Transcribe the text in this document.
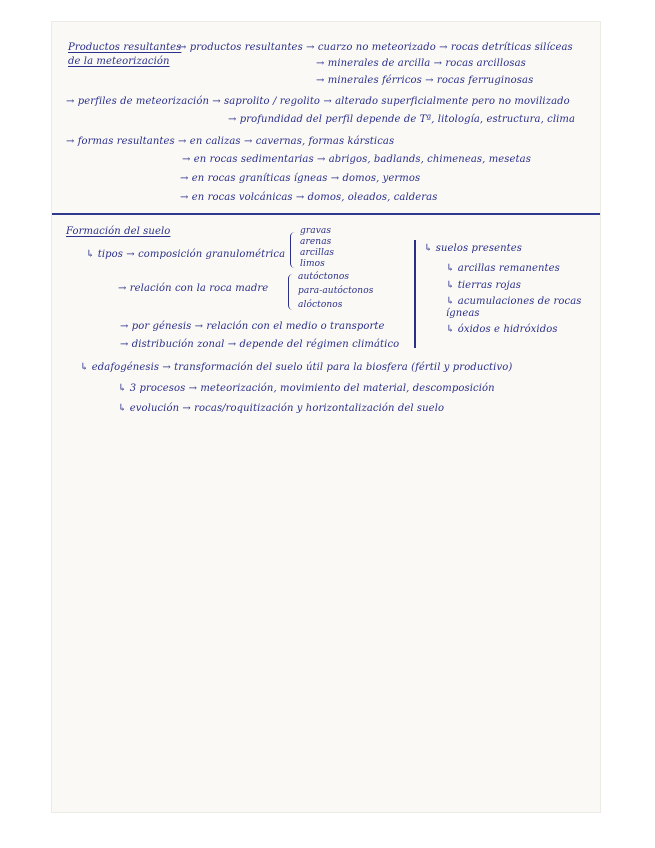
Productos resultantes
de la meteorización
→ productos resultantes → cuarzo no meteorizado → rocas detríticas silíceas
→ minerales de arcilla → rocas arcillosas
→ minerales férricos → rocas ferruginosas
→ perfiles de meteorización → saprolito / regolito → alterado superficialmente pero no movilizado
→ profundidad del perfil depende de Tª, litología, estructura, clima
→ formas resultantes → en calizas → cavernas, formas kársticas
→ en rocas sedimentarias → abrigos, badlands, chimeneas, mesetas
→ en rocas graníticas ígneas → domos, yermos
→ en rocas volcánicas → domos, oleados, calderas
Formación del suelo
↳ tipos → composición granulométrica
gravas
arenas
arcillas
limos
→ relación con la roca madre
autóctonos
para-autóctonos
alóctonos
→ por génesis → relación con el medio o transporte
→ distribución zonal → depende del régimen climático
↳ suelos presentes
↳ arcillas remanentes
↳ tierras rojas
↳ acumulaciones de rocas ígneas
↳ óxidos e hidróxidos
↳ edafogénesis → transformación del suelo útil para la biosfera (fértil y productivo)
↳ 3 procesos → meteorización, movimiento del material, descomposición
↳ evolución → rocas/roquitización y horizontalización del suelo
